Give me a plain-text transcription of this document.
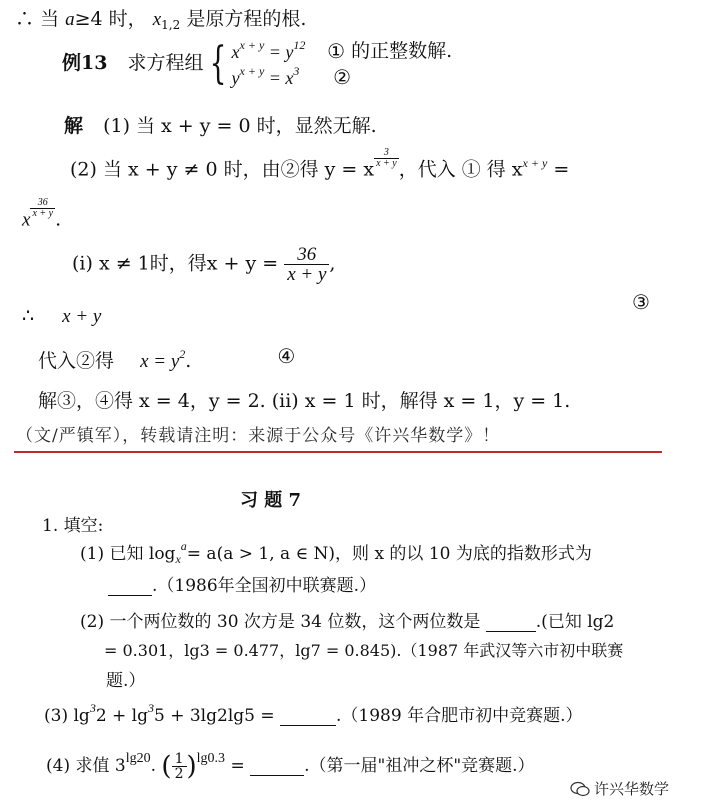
∴ 当 a≥4 时， $x_{1,2}$ 是原方程的根.
例13 求方程组 { $x^{x + y} = y^{12}$ ①
$y^{x + y} = x^3$ ②
的正整数解.
解 (1) 当 x + y = 0 时，显然无解.
(2) 当 x + y ≠ 0 时，由②得 y = x $\frac{3}{x + y}$ ，代入 ① 得 $x^{x + y}$ =
x
$\frac{36}{x + y}$ .
(i) x ≠ 1时，得$x + y = \frac{36}{x + y}$ ,
③
∴ x + y
代入②得 $x = y^2$.	④
解③，④得 x = 4，y = 2. (ii) x = 1 时，解得 x = 1，y = 1.
（文/严镇军），转载请注明：来源于公众号《许兴华数学》！
习 题 7
1. 填空:
(1) 已知 $\log_x^a= a(a > 1$, a ∈ N)，则 x 的以 10 为底的指数形式为
.（1986年全国初中联赛题.）
(2) 一个两位数的 30 次方是 34 位数，这个两位数是	.(已知 lg2
= 0.301，lg3 = 0.477，lg7 = 0.845).（1987 年武汉等六市初中联赛
题.）
(3) $\lg^32 + \lg^35 + 3\lg 2\lg 5$ =	.（1989 年合肥市初中竞赛题.）
(4) 求值 $3^{lg20}$. ( $\frac{1}{2} )^{lg0.3}$ =	.（第一届"祖冲之杯"竞赛题.）
许兴华数学
